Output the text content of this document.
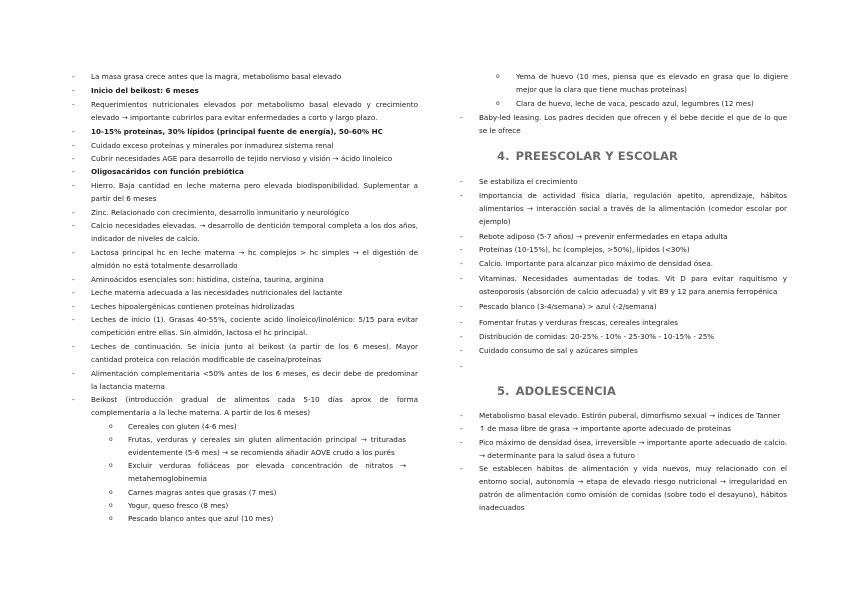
- La masa grasa crece antes que la magra, metabolismo basal elevado
- Inicio del beikost: 6 meses
- Requerimientos nutricionales elevados por metabolismo basal elevado y crecimiento elevado → importante cubrirlos para evitar enfermedades a corto y largo plazo.
- 10-15% proteínas, 30% lípidos (principal fuente de energía), 50-60% HC
- Cuidado exceso proteínas y minerales por inmadurez sistema renal
- Cubrir necesidades AGE para desarrollo de tejido nervioso y visión → ácido linoleico
- Oligosacáridos con función prebiótica
- Hierro. Baja cantidad en leche materna pero elevada biodisponibilidad. Suplementar a partir del 6 meses
- Zinc. Relacionado con crecimiento, desarrollo inmunitario y neurológico
- Calcio necesidades elevadas. → desarrollo de dentición temporal completa a los dos años, indicador de niveles de calcio.
- Lactosa principal hc en leche materna → hc complejos > hc simples → el digestión de almidón no está totalmente desarrollado
- Aminoácidos esenciales son: histidina, cisteína, taurina, arginina
- Leche materna adecuada a las necesidades nutricionales del lactante
- Leches hipoalergénicas contienen proteínas hidrolizadas
- Leches de inicio (1). Grasas 40-55%, cociente acido linoleico/linolénico: 5/15 para evitar competición entre ellas. Sin almidón, lactosa el hc principal.
- Leches de continuación. Se inicia junto al beikost (a partir de los 6 meses). Mayor cantidad proteica con relación modificable de caseína/proteínas
- Alimentación complementaria <50% antes de los 6 meses, es decir debe de predominar la lactancia materna
- Beikost (introducción gradual de alimentos cada 5-10 días aprox de forma complementaria a la leche materna. A partir de los 6 meses)
o Cereales con gluten (4-6 mes)
o Frutas, verduras y cereales sin gluten alimentación principal → trituradas evidentemente (5-6 mes) → se recomienda añadir AOVE crudo a los purés
o Excluir verduras foliáceas por elevada concentración de nitratos → metahemoglobinemia
o Carnes magras antes que grasas (7 mes)
o Yogur, queso fresco (8 mes)
o Pescado blanco antes que azul (10 mes)
o Yema de huevo (10 mes, piensa que es elevado en grasa que lo digiere mejor que la clara que tiene muchas proteínas)
o Clara de huevo, leche de vaca, pescado azul, legumbres (12 mes)
- Baby-led leasing. Los padres deciden que ofrecen y él bebe decide el que de lo que se le ofrece
4. PREESCOLAR Y ESCOLAR
- Se estabiliza el crecimiento
- Importancia de actividad física diaria, regulación apetito, aprendizaje, hábitos alimentarios → interacción social a través de la alimentación (comedor escolar por ejemplo)
- Rebote adiposo (5-7 años) → prevenir enfermedades en etapa adulta
- Proteínas (10-15%), hc (complejos, >50%), lípidos (<30%)
- Calcio. Importante para alcanzar pico máximo de densidad ósea.
- Vitaminas. Necesidades aumentadas de todas. Vit D para evitar raquitismo y osteoporosis (absorción de calcio adecuada) y vit B9 y 12 para anemia ferropénica
- Pescado blanco (3-4/semana) > azul (-2/semana)
- Fomentar frutas y verduras frescas, cereales integrales
- Distribución de comidas: 20-25% - 10% - 25-30% - 10-15% - 25%
- Cuidado consumo de sal y azúcares simples
-
5. ADOLESCENCIA
- Metabolismo basal elevado. Estirón puberal, dimorfismo sexual → índices de Tanner
- ↑ de masa libre de grasa → importante aporte adecuado de proteínas
- Pico máximo de densidad ósea, irreversible → importante aporte adecuado de calcio. → determinante para la salud ósea a futuro
- Se establecen hábitos de alimentación y vida nuevos, muy relacionado con el entorno social, autonomía → etapa de elevado riesgo nutricional → irregularidad en patrón de alimentación como omisión de comidas (sobre todo el desayuno), hábitos inadecuados
